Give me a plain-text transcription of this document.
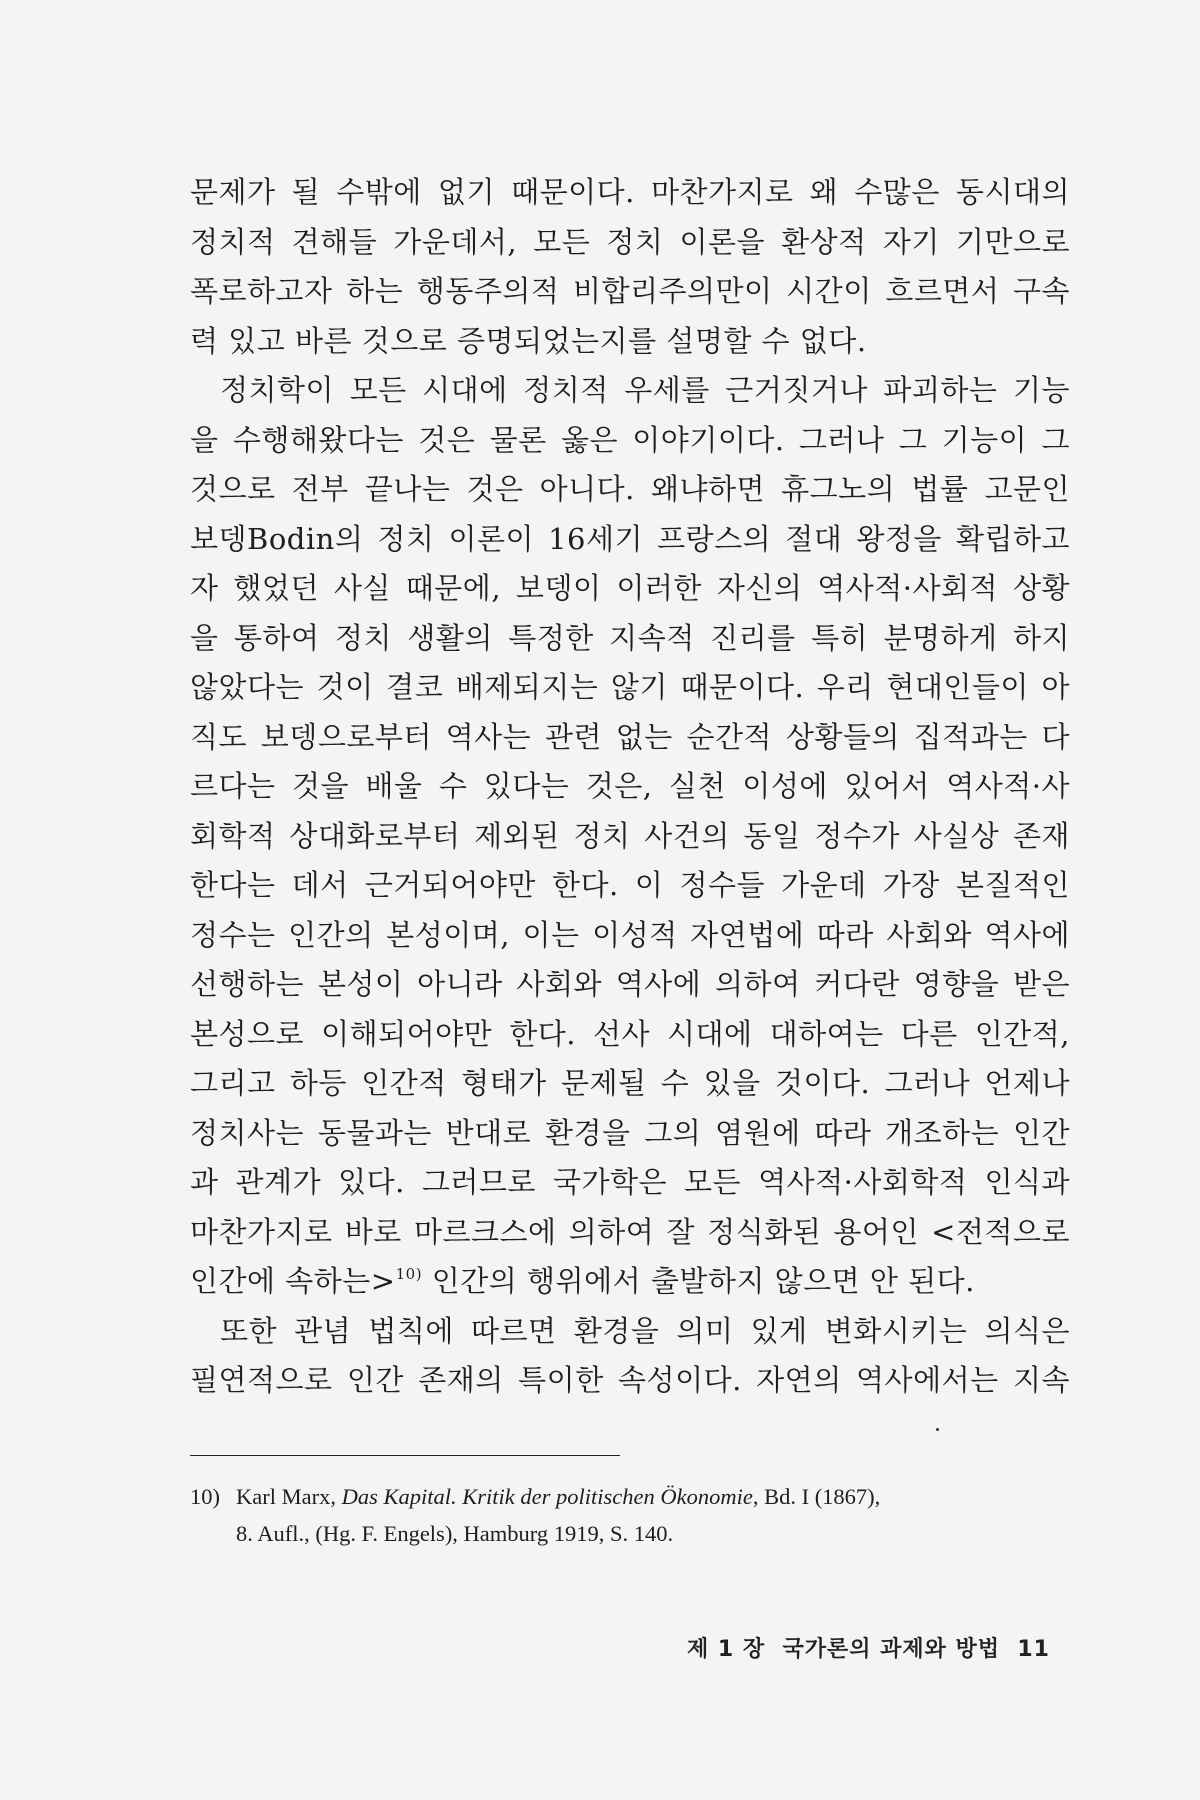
문제가 될 수밖에 없기 때문이다. 마찬가지로 왜 수많은 동시대의
정치적 견해들 가운데서, 모든 정치 이론을 환상적 자기 기만으로
폭로하고자 하는 행동주의적 비합리주의만이 시간이 흐르면서 구속
력 있고 바른 것으로 증명되었는지를 설명할 수 없다.
정치학이 모든 시대에 정치적 우세를 근거짓거나 파괴하는 기능
을 수행해왔다는 것은 물론 옳은 이야기이다. 그러나 그 기능이 그
것으로 전부 끝나는 것은 아니다. 왜냐하면 휴그노의 법률 고문인
보뎅Bodin의 정치 이론이 16세기 프랑스의 절대 왕정을 확립하고
자 했었던 사실 때문에, 보뎅이 이러한 자신의 역사적·사회적 상황
을 통하여 정치 생활의 특정한 지속적 진리를 특히 분명하게 하지
않았다는 것이 결코 배제되지는 않기 때문이다. 우리 현대인들이 아
직도 보뎅으로부터 역사는 관련 없는 순간적 상황들의 집적과는 다
르다는 것을 배울 수 있다는 것은, 실천 이성에 있어서 역사적·사
회학적 상대화로부터 제외된 정치 사건의 동일 정수가 사실상 존재
한다는 데서 근거되어야만 한다. 이 정수들 가운데 가장 본질적인
정수는 인간의 본성이며, 이는 이성적 자연법에 따라 사회와 역사에
선행하는 본성이 아니라 사회와 역사에 의하여 커다란 영향을 받은
본성으로 이해되어야만 한다. 선사 시대에 대하여는 다른 인간적,
그리고 하등 인간적 형태가 문제될 수 있을 것이다. 그러나 언제나
정치사는 동물과는 반대로 환경을 그의 염원에 따라 개조하는 인간
과 관계가 있다. 그러므로 국가학은 모든 역사적·사회학적 인식과
마찬가지로 바로 마르크스에 의하여 잘 정식화된 용어인 <전적으로
인간에 속하는>$^{10)}$ 인간의 행위에서 출발하지 않으면 안 된다.
또한 관념 법칙에 따르면 환경을 의미 있게 변화시키는 의식은
필연적으로 인간 존재의 특이한 속성이다. 자연의 역사에서는 지속
10) Karl Marx, Das Kapital. Kritik der politischen Ökonomie, Bd. I (1867),
8. Aufl., (Hg. F. Engels), Hamburg 1919, S. 140.
제 1 장 국가론의 과제와 방법 11
